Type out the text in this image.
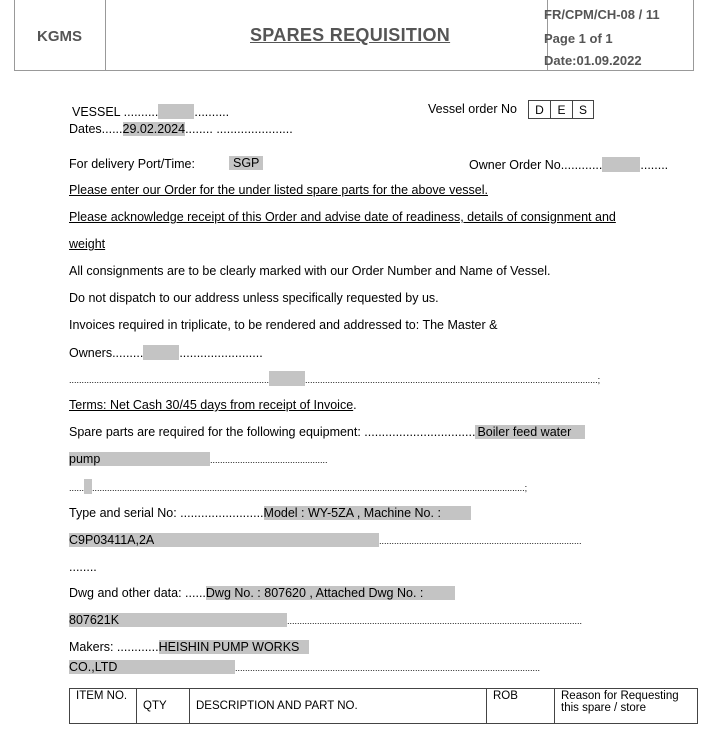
KGMS	SPARES REQUISITION
FR/CPM/CH-08 / 11
Page 1 of 1
Date:01.09.2022
VESSEL ..........	..........
Dates......29.02.2024........ ......................
Vessel order No	D	E	S
For delivery Port/Time:	SGP	Owner Order No............	........
Please enter our Order for the under listed spare parts for the above vessel.
Please acknowledge receipt of this Order and advise date of readiness, details of consignment and
weight
All consignments are to be clearly marked with our Order Number and Name of Vessel.
Do not dispatch to our address unless specifically requested by us.
Invoices required in triplicate, to be rendered and addressed to: The Master &
Owners.........	........................
................................................................................	.....................................................................................................................;
Terms: Net Cash 30/45 days from receipt of Invoice.
Spare parts are required for the following equipment: ................................ Boiler feed water
pump	...............................................
...... .............................................................................................................................................................................;
Type and serial No: ........................Model : WY-5ZA , Machine No. :
C9P03411A,2A	.................................................................................
........
Dwg and other data: ......Dwg No. : 807620 , Attached Dwg No. :
807621K	......................................................................................................................
Makers: ............HEISHIN PUMP WORKS
CO.,LTD	..........................................................................................................................
ITEM NO.	QTY	DESCRIPTION AND PART NO.	ROB	Reason for Requesting this spare / store
